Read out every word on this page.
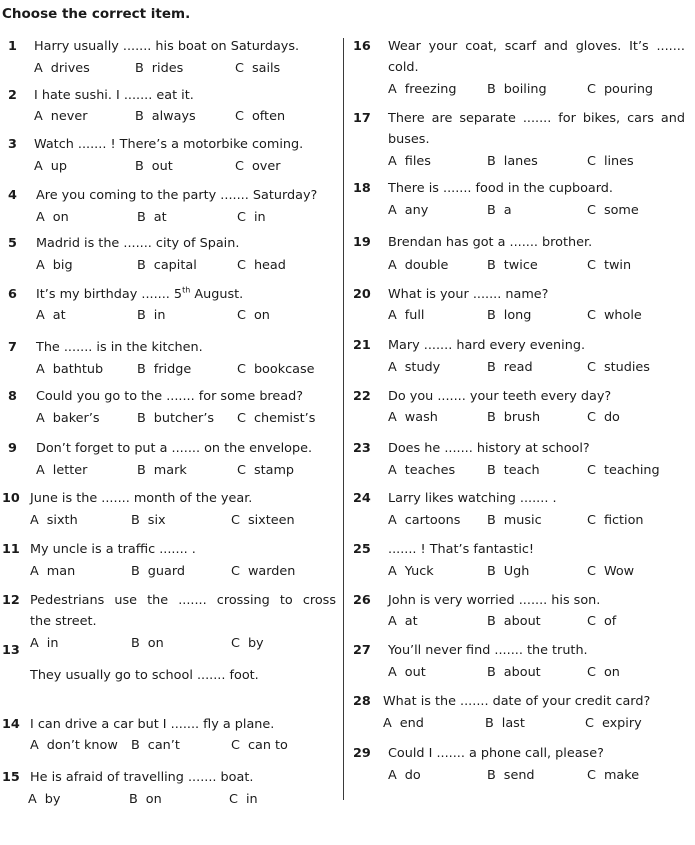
Choose the correct item.
1 Harry usually ....... his boat on Saturdays.
A drives	B rides	C sails
2 I hate sushi. I ....... eat it.
A never	B always	C often
3 Watch ....... ! There’s a motorbike coming.
A up	B out	C over
4 Are you coming to the party ....... Saturday?
A on	B at	C in
5 Madrid is the ....... city of Spain.
A big	B capital	C head
6 It’s my birthday ....... 5th August.
A at	B in	C on
7 The ....... is in the kitchen.
A bathtub	B fridge	C bookcase
8 Could you go to the ....... for some bread?
A baker’s	B butcher’s C chemist’s
9 Don’t forget to put a ....... on the envelope.
A letter	B mark	C stamp
10 June is the ....... month of the year.
A sixth	B six	C sixteen
11 My uncle is a traffic ....... .
A man	B guard	C warden
12 Pedestrians use the ....... crossing to cross
the street.
13
They usually go to school ....... foot.
A in	B on	C by
14 I can drive a car but I ....... fly a plane.
A don’t know B can’t	C can to
15 He is afraid of travelling ....... boat.
A by	B on	C in
16 Wear your coat, scarf and gloves. It’s .......
cold.
A freezing B boiling	C pouring
17 There are separate ....... for bikes, cars and
buses.
A files	B lanes	C lines
18 There is ....... food in the cupboard.
A any	B a	C some
19 Brendan has got a ....... brother.
A double	B twice	C twin
20 What is your ....... name?
A full	B long	C whole
21 Mary ....... hard every evening.
A study	B read	C studies
22 Do you ....... your teeth every day?
A wash	B brush	C do
23 Does he ....... history at school?
A teaches B teach	C teaching
24 Larry likes watching ....... .
A cartoons B music	C fiction
25 ....... ! That’s fantastic!
A Yuck	B Ugh	C Wow
26 John is very worried ....... his son.
A at	B about	C of
27 You’ll never find ....... the truth.
A out	B about	C on
28 What is the ....... date of your credit card?
A end	B last	C expiry
29 Could I ....... a phone call, please?
A do	B send	C make
